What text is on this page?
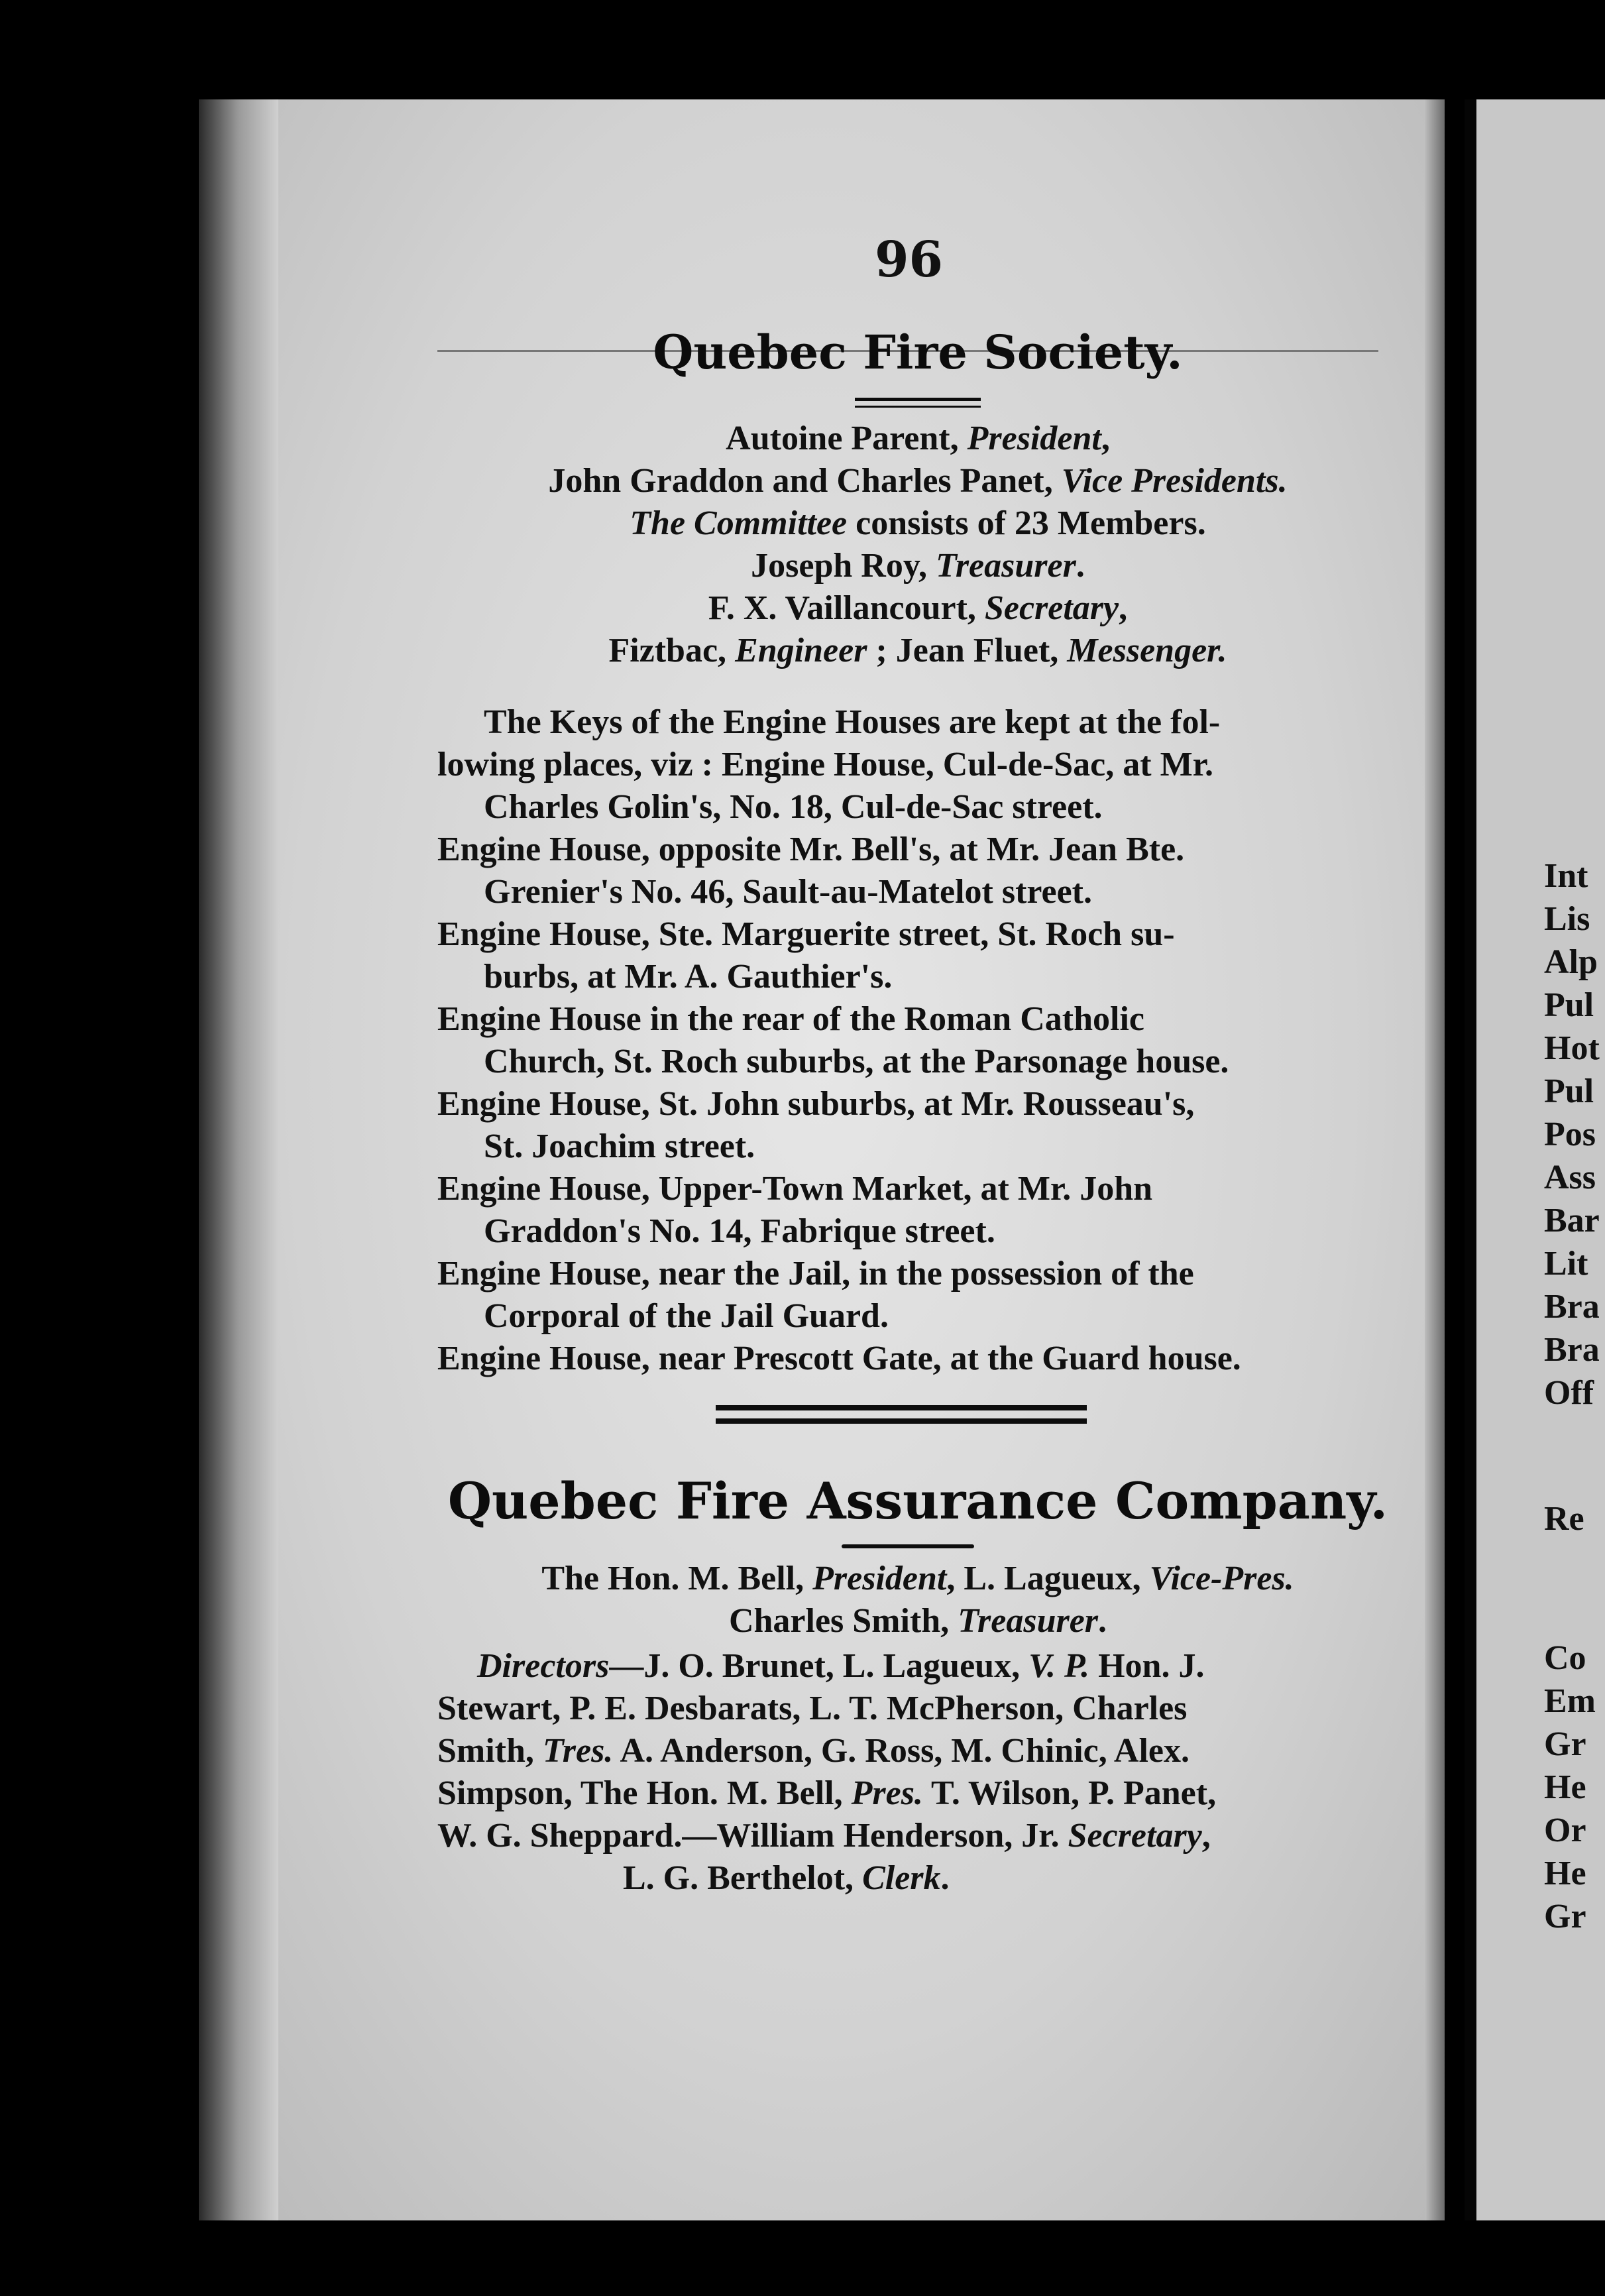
Int
Lis
Alp
Pul
Hot
Pul
Pos
Ass
Bar
Lit
Bra
Bra
Off
Re
Co
Em
Gr
He
Or
He
Gr
96
Quebec Fire Society.
Autoine Parent, President,
John Graddon and Charles Panet, Vice Presidents.
The Committee consists of 23 Members.
Joseph Roy, Treasurer.
F. X. Vaillancourt, Secretary,
Fiztbac, Engineer ; Jean Fluet, Messenger.
The Keys of the Engine Houses are kept at the fol-
lowing places, viz : Engine House, Cul-de-Sac, at Mr.
Charles Golin's, No. 18, Cul-de-Sac street.
Engine House, opposite Mr. Bell's, at Mr. Jean Bte.
Grenier's No. 46, Sault-au-Matelot street.
Engine House, Ste. Marguerite street, St. Roch su-
burbs, at Mr. A. Gauthier's.
Engine House in the rear of the Roman Catholic
Church, St. Roch suburbs, at the Parsonage house.
Engine House, St. John suburbs, at Mr. Rousseau's,
St. Joachim street.
Engine House, Upper-Town Market, at Mr. John
Graddon's No. 14, Fabrique street.
Engine House, near the Jail, in the possession of the
Corporal of the Jail Guard.
Engine House, near Prescott Gate, at the Guard house.
Quebec Fire Assurance Company.
The Hon. M. Bell, President, L. Lagueux, Vice-Pres.
Charles Smith, Treasurer.
Directors—J. O. Brunet, L. Lagueux, V. P. Hon. J.
Stewart, P. E. Desbarats, L. T. McPherson, Charles
Smith, Tres. A. Anderson, G. Ross, M. Chinic, Alex.
Simpson, The Hon. M. Bell, Pres. T. Wilson, P. Panet,
W. G. Sheppard.—William Henderson, Jr. Secretary,
L. G. Berthelot, Clerk.
